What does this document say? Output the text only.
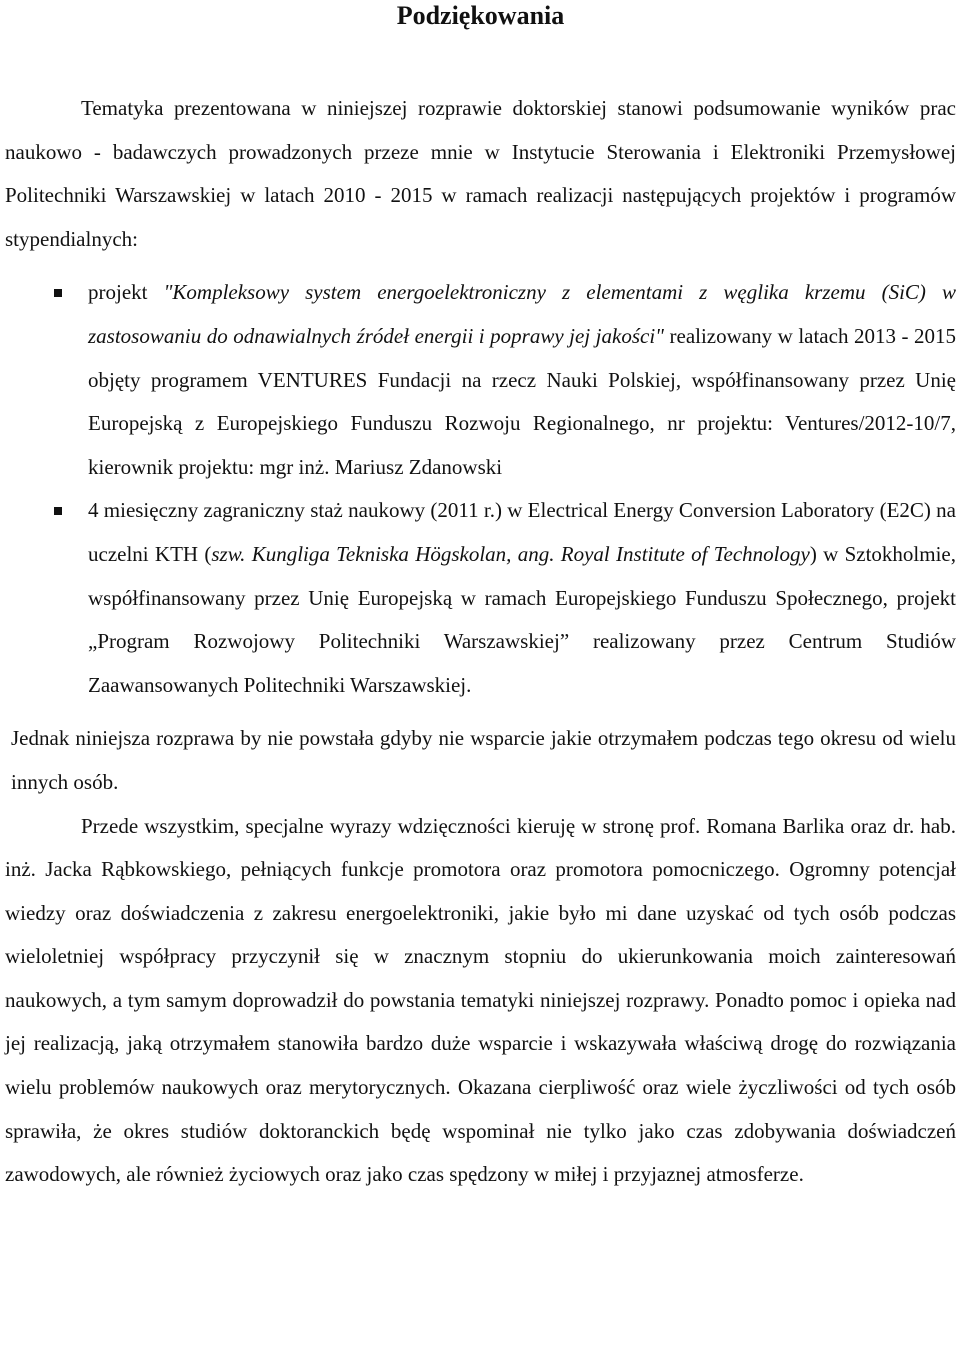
Podziękowania

Tematyka prezentowana w niniejszej rozprawie doktorskiej stanowi podsumowanie wyników prac naukowo - badawczych prowadzonych przeze mnie w Instytucie Sterowania i Elektroniki Przemysłowej Politechniki Warszawskiej w latach 2010 - 2015 w ramach realizacji następujących projektów i programów stypendialnych:

projekt "Kompleksowy system energoelektroniczny z elementami z węglika krzemu (SiC) w zastosowaniu do odnawialnych źródeł energii i poprawy jej jakości" realizowany w latach 2013 - 2015 objęty programem VENTURES Fundacji na rzecz Nauki Polskiej, współfinansowany przez Unię Europejską z Europejskiego Funduszu Rozwoju Regionalnego, nr projektu: Ventures/2012-10/7, kierownik projektu: mgr inż. Mariusz Zdanowski
4 miesięczny zagraniczny staż naukowy (2011 r.) w Electrical Energy Conversion Laboratory (E2C) na uczelni KTH (szw. Kungliga Tekniska Högskolan, ang. Royal Institute of Technology) w Sztokholmie, współfinansowany przez Unię Europejską w ramach Europejskiego Funduszu Społecznego, projekt „Program Rozwojowy Politechniki Warszawskiej” realizowany przez Centrum Studiów Zaawansowanych Politechniki Warszawskiej.

Jednak niniejsza rozprawa by nie powstała gdyby nie wsparcie jakie otrzymałem podczas tego okresu od wielu innych osób.

Przede wszystkim, specjalne wyrazy wdzięczności kieruję w stronę prof. Romana Barlika oraz dr. hab. inż. Jacka Rąbkowskiego, pełniących funkcje promotora oraz promotora pomocniczego. Ogromny potencjał wiedzy oraz doświadczenia z zakresu energoelektroniki, jakie było mi dane uzyskać od tych osób podczas wieloletniej współpracy przyczynił się w znacznym stopniu do ukierunkowania moich zainteresowań naukowych, a tym samym doprowadził do powstania tematyki niniejszej rozprawy. Ponadto pomoc i opieka nad jej realizacją, jaką otrzymałem stanowiła bardzo duże wsparcie i wskazywała właściwą drogę do rozwiązania wielu problemów naukowych oraz merytorycznych. Okazana cierpliwość oraz wiele życzliwości od tych osób sprawiła, że okres studiów doktoranckich będę wspominał nie tylko jako czas zdobywania doświadczeń zawodowych, ale również życiowych oraz jako czas spędzony w miłej i przyjaznej atmosferze.
